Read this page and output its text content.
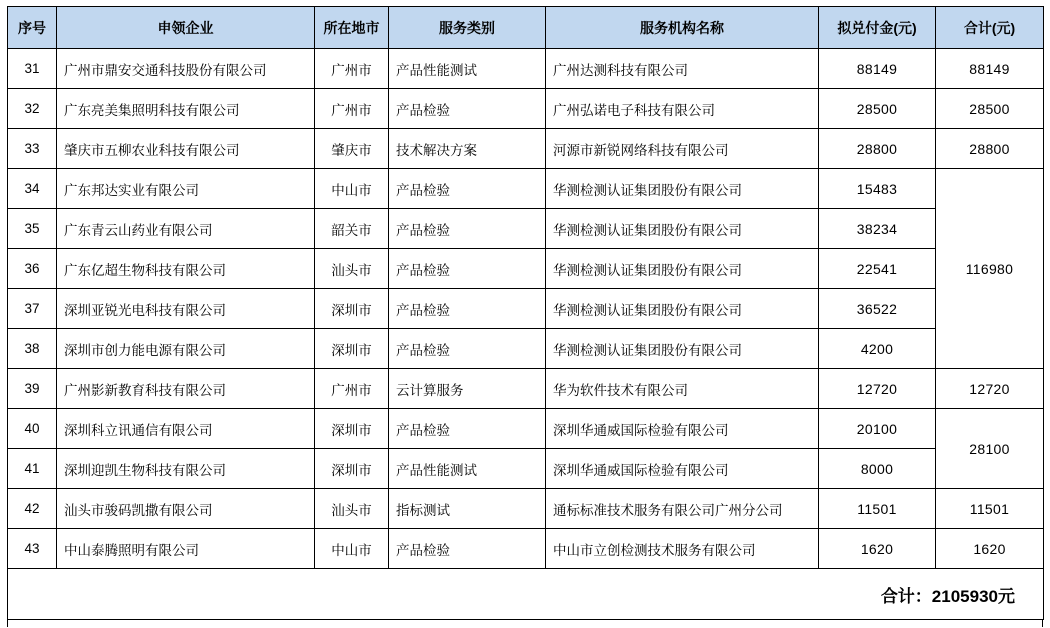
序号	申领企业	所在地市	服务类别	服务机构名称	拟兑付金(元)	合计(元)
31	广州市鼎安交通科技股份有限公司	广州市	产品性能测试	广州达测科技有限公司	88149	88149
32	广东亮美集照明科技有限公司	广州市	产品检验	广州弘诺电子科技有限公司	28500	28500
33	肇庆市五柳农业科技有限公司	肇庆市	技术解决方案	河源市新锐网络科技有限公司	28800	28800
34	广东邦达实业有限公司	中山市	产品检验	华测检测认证集团股份有限公司	15483	116980
35	广东青云山药业有限公司	韶关市	产品检验	华测检测认证集团股份有限公司	38234	
36	广东亿超生物科技有限公司	汕头市	产品检验	华测检测认证集团股份有限公司	22541	
37	深圳亚锐光电科技有限公司	深圳市	产品检验	华测检测认证集团股份有限公司	36522	
38	深圳市创力能电源有限公司	深圳市	产品检验	华测检测认证集团股份有限公司	4200	
39	广州影新教育科技有限公司	广州市	云计算服务	华为软件技术有限公司	12720	12720
40	深圳科立讯通信有限公司	深圳市	产品检验	深圳华通威国际检验有限公司	20100	28100
41	深圳迎凯生物科技有限公司	深圳市	产品性能测试	深圳华通威国际检验有限公司	8000	
42	汕头市骏码凯撒有限公司	汕头市	指标测试	通标标准技术服务有限公司广州分公司	11501	11501
43	中山泰腾照明有限公司	中山市	产品检验	中山市立创检测技术服务有限公司	1620	1620
合计：2105930元						
